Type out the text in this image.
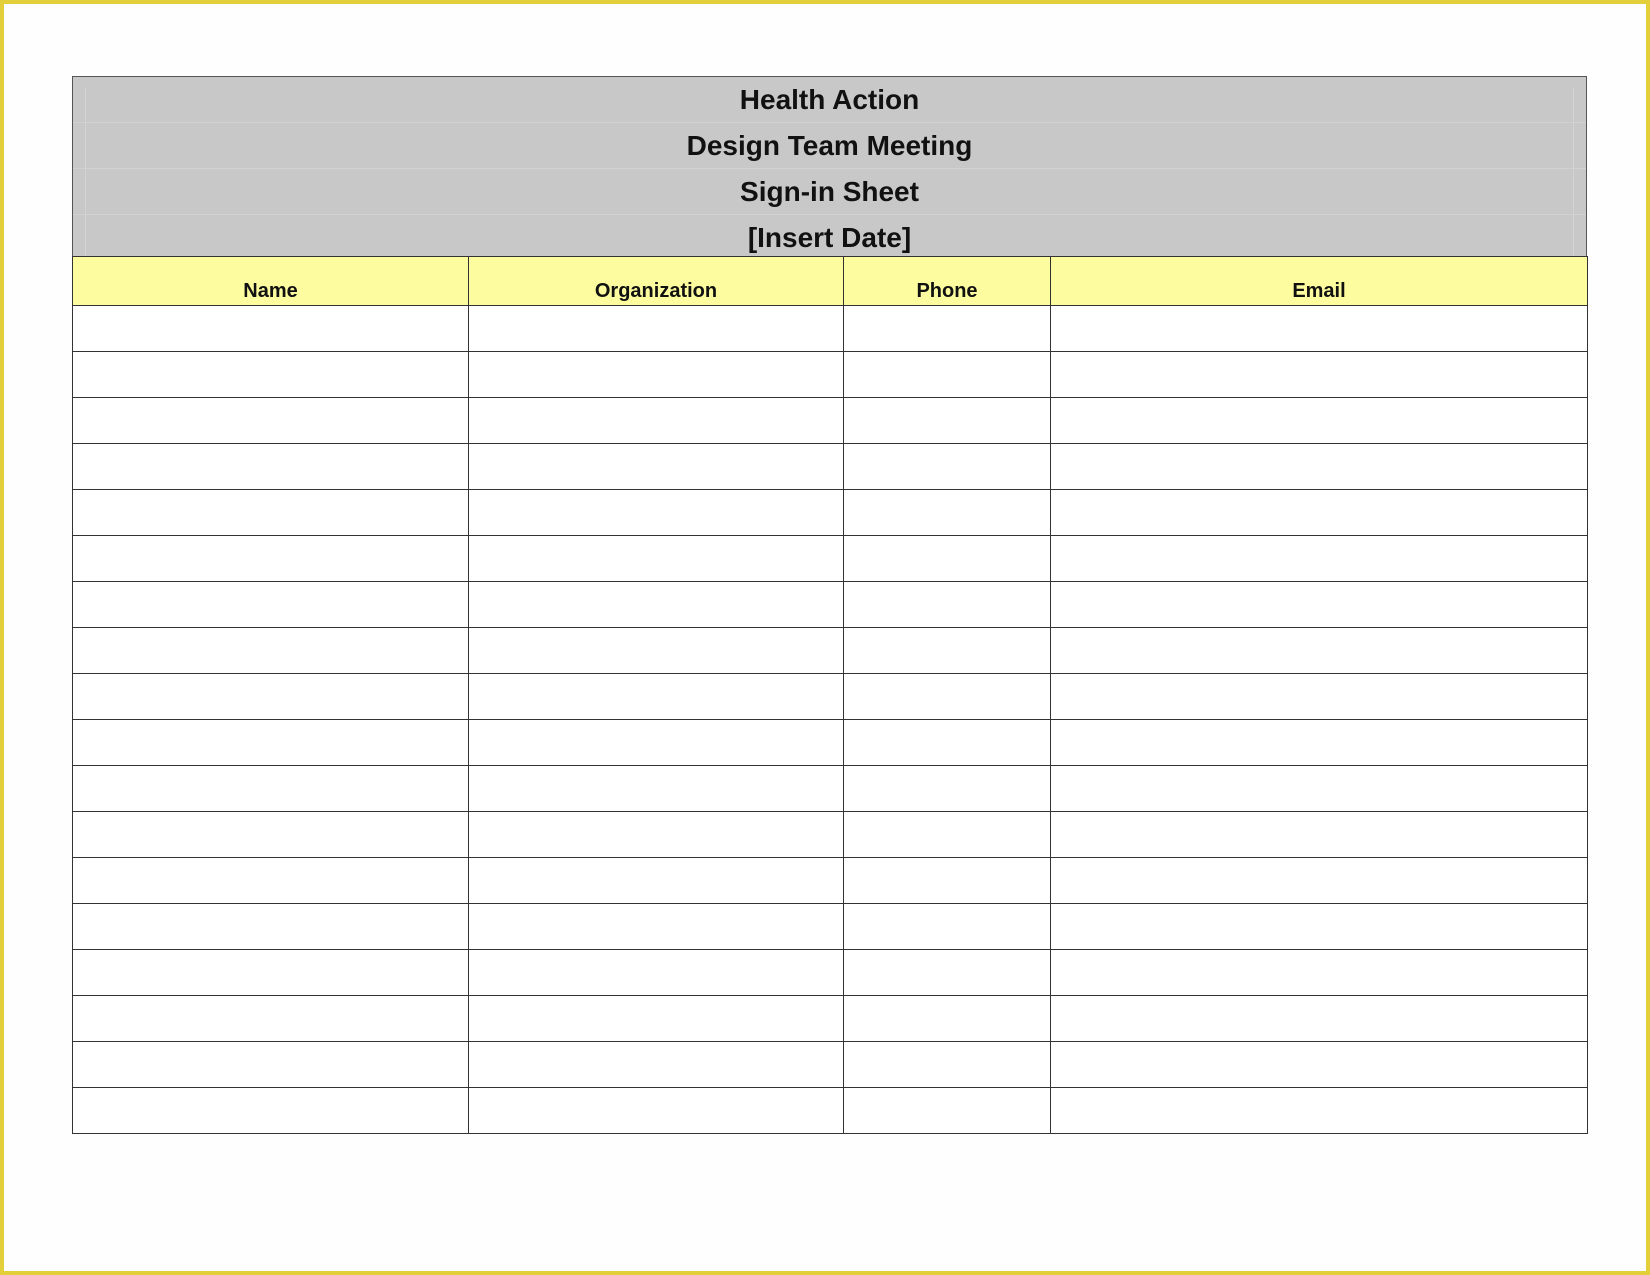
Health Action
Design Team Meeting
Sign-in Sheet
[Insert Date]
Name	Organization	Phone	Email
